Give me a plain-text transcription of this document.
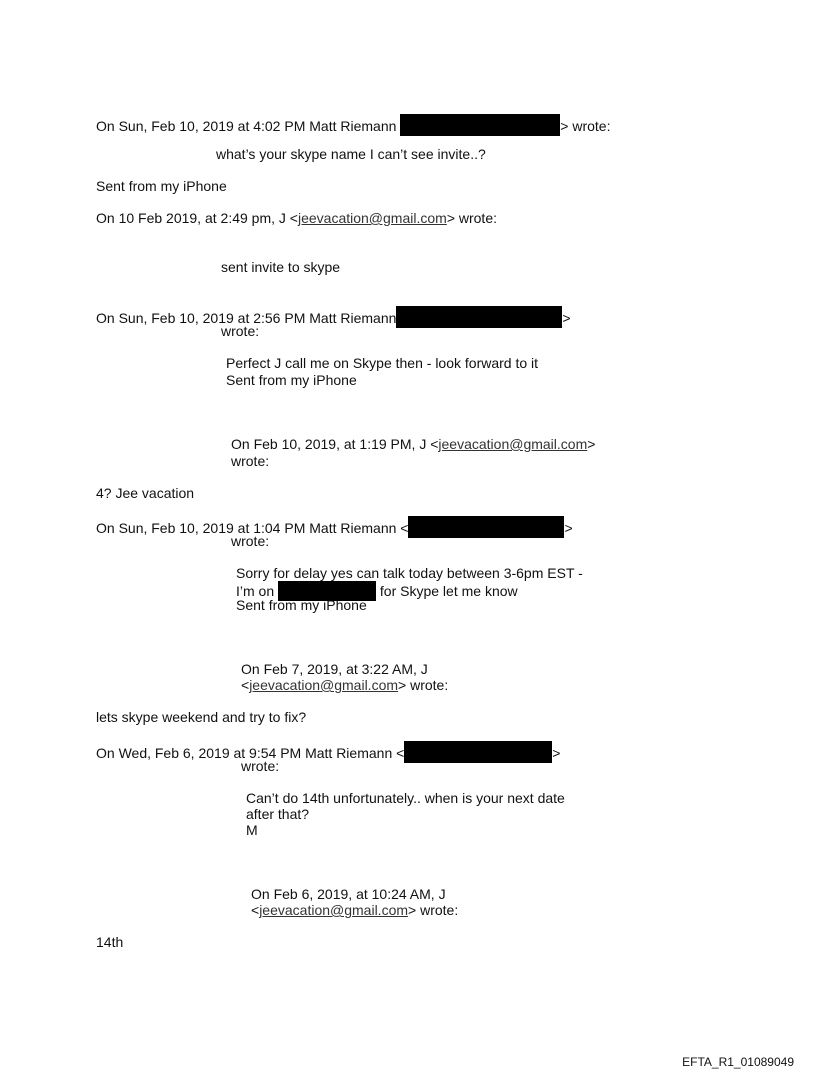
On Sun, Feb 10, 2019 at 4:02 PM Matt Riemann	> wrote:

what’s your skype name I can’t see invite..?

Sent from my iPhone

On 10 Feb 2019, at 2:49 pm, J <jeevacation@gmail.com> wrote:

sent invite to skype

On Sun, Feb 10, 2019 at 2:56 PM Matt Riemann	>

wrote:

Perfect J call me on Skype then - look forward to it

Sent from my iPhone

On Feb 10, 2019, at 1:19 PM, J <jeevacation@gmail.com>

wrote:

4? Jee vacation

On Sun, Feb 10, 2019 at 1:04 PM Matt Riemann <	>

wrote:

Sorry for delay yes can talk today between 3-6pm EST -

I’m on	for Skype let me know

Sent from my iPhone

On Feb 7, 2019, at 3:22 AM, J

<jeevacation@gmail.com> wrote:

lets skype weekend and try to fix?

On Wed, Feb 6, 2019 at 9:54 PM Matt Riemann <	>

wrote:

Can’t do 14th unfortunately.. when is your next date

after that?

M

On Feb 6, 2019, at 10:24 AM, J

<jeevacation@gmail.com> wrote:

14th

EFTA_R1_01089049
